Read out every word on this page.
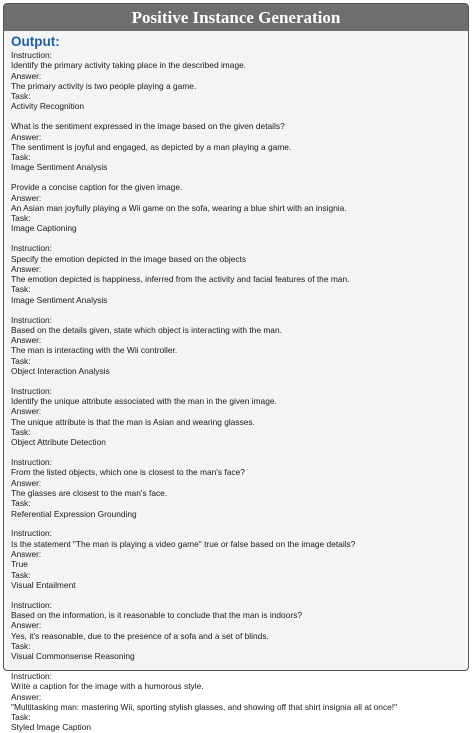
Positive Instance Generation
Output:
Instruction:
Identify the primary activity taking place in the described image.
Answer:
The primary activity is two people playing a game.
Task:
Activity Recognition
What is the sentiment expressed in the image based on the given details?
Answer:
The sentiment is joyful and engaged, as depicted by a man playing a game.
Task:
Image Sentiment Analysis
Provide a concise caption for the given image.
Answer:
An Asian man joyfully playing a Wii game on the sofa, wearing a blue shirt with an insignia.
Task:
Image Captioning
Instruction:
Specify the emotion depicted in the image based on the objects
Answer:
The emotion depicted is happiness, inferred from the activity and facial features of the man.
Task:
Image Sentiment Analysis
Instruction:
Based on the details given, state which object is interacting with the man.
Answer:
The man is interacting with the Wii controller.
Task:
Object Interaction Analysis
Instruction:
Identify the unique attribute associated with the man in the given image.
Answer:
The unique attribute is that the man is Asian and wearing glasses.
Task:
Object Attribute Detection
Instruction:
From the listed objects, which one is closest to the man's face?
Answer:
The glasses are closest to the man's face.
Task:
Referential Expression Grounding
Instruction:
Is the statement "The man is playing a video game" true or false based on the image details?
Answer:
True
Task:
Visual Entailment
Instruction:
Based on the information, is it reasonable to conclude that the man is indoors?
Answer:
Yes, it's reasonable, due to the presence of a sofa and a set of blinds.
Task:
Visual Commonsense Reasoning
Instruction:
Write a caption for the image with a humorous style.
Answer:
"Multitasking man: mastering Wii, sporting stylish glasses, and showing off that shirt insignia all at once!"
Task:
Styled Image Caption
